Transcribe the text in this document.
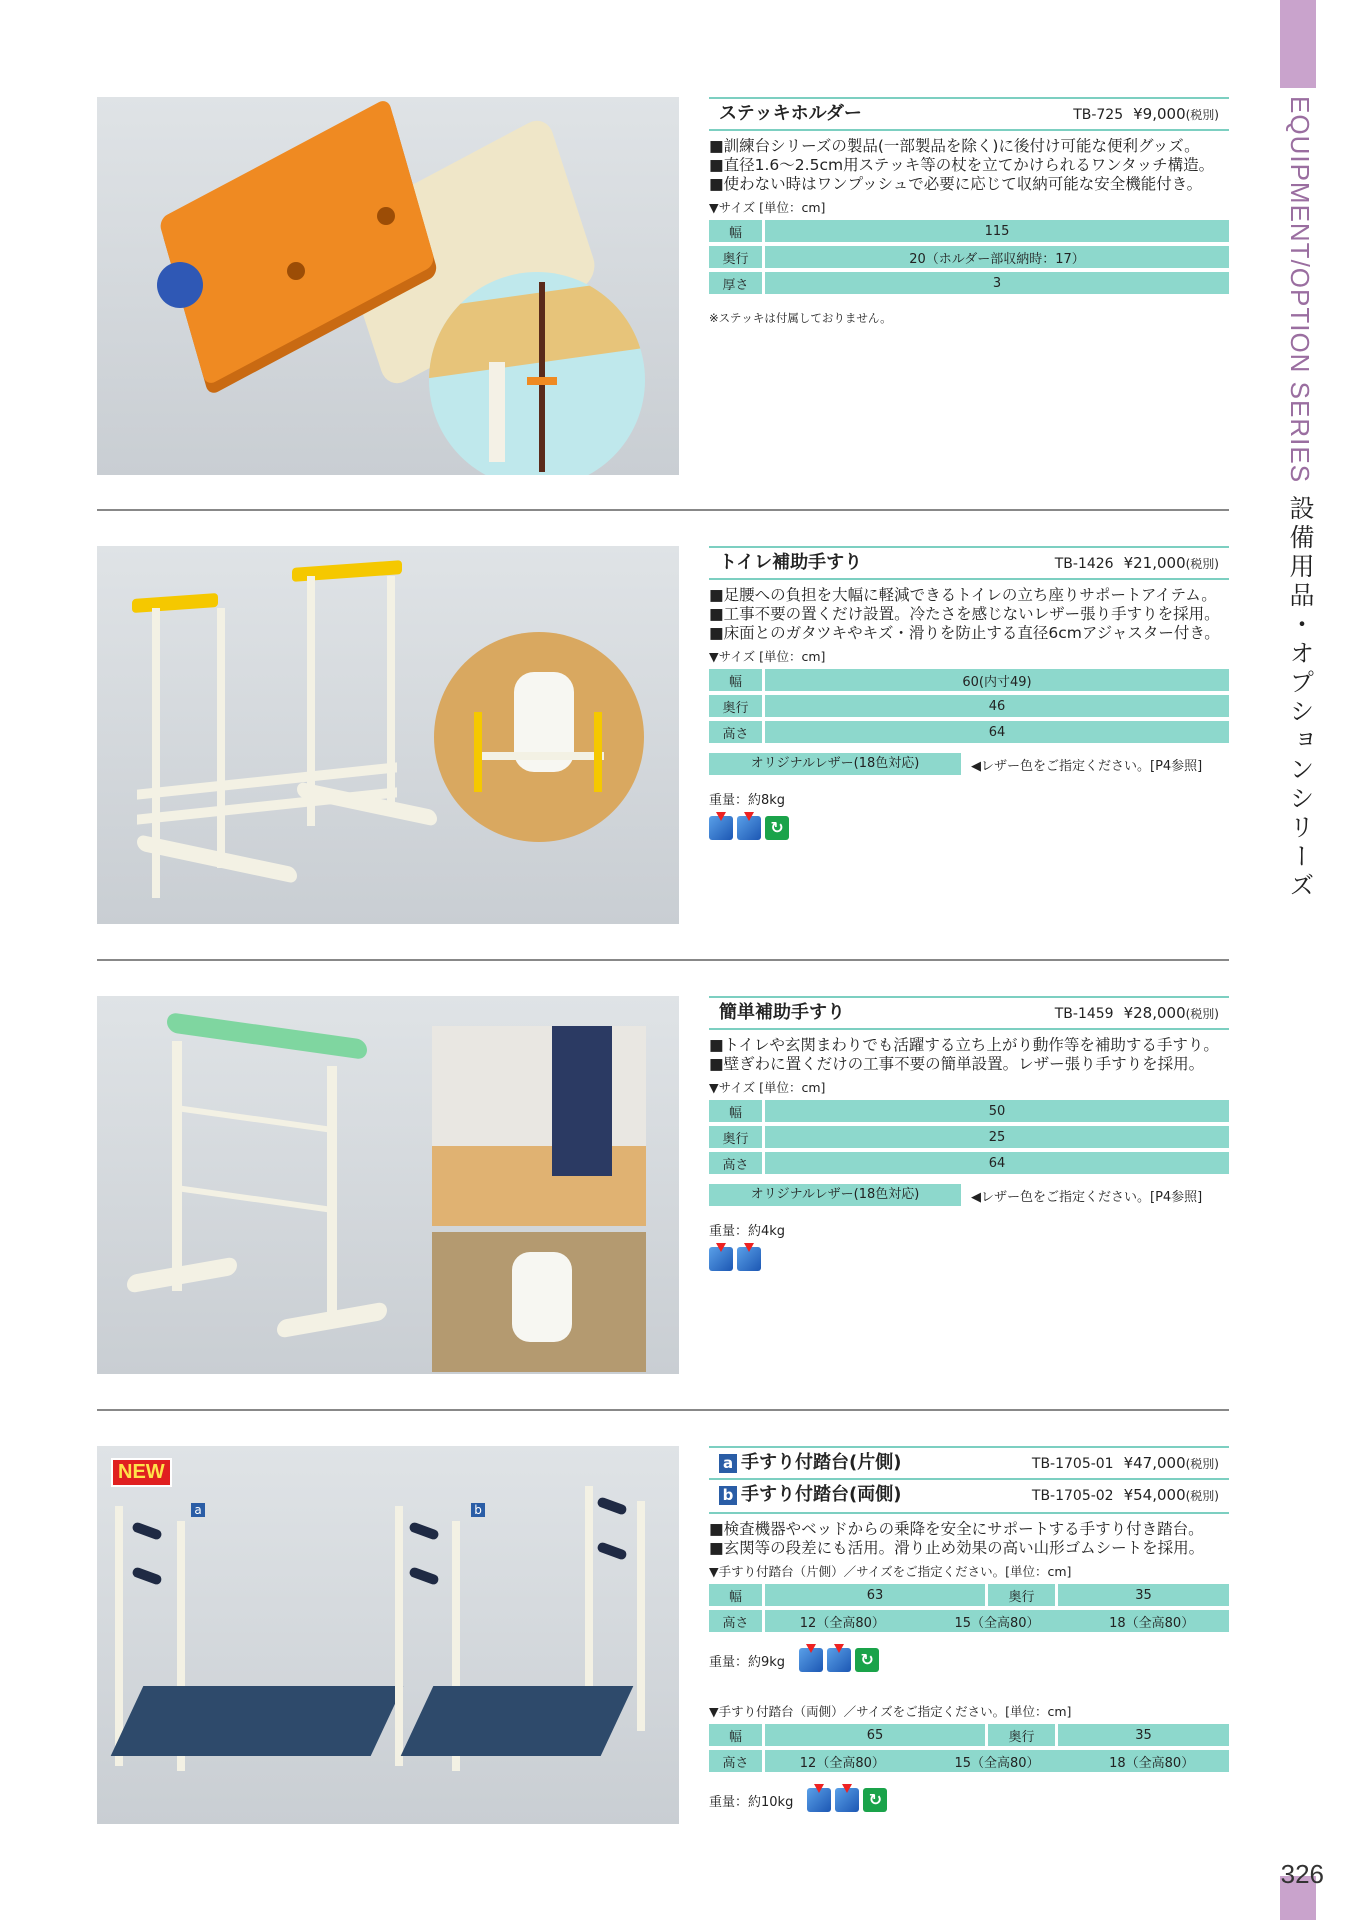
EQUIPMENT/OPTION SERIES設備用品・オプションシリーズ
326
ステッキホルダー	TB-725 ¥9,000(税別)
■訓練台シリーズの製品(一部製品を除く)に後付け可能な便利グッズ。
■直径1.6〜2.5cm用ステッキ等の杖を立てかけられるワンタッチ構造。
■使わない時はワンプッシュで必要に応じて収納可能な安全機能付き。
▼サイズ [単位：cm]
幅	115
奥行	20（ホルダー部収納時：17）
厚さ	3
※ステッキは付属しておりません。
トイレ補助手すり	TB-1426 ¥21,000(税別)
■足腰への負担を大幅に軽減できるトイレの立ち座りサポートアイテム。
■工事不要の置くだけ設置。冷たさを感じないレザー張り手すりを採用。
■床面とのガタツキやキズ・滑りを防止する直径6cmアジャスター付き。
▼サイズ [単位：cm]
幅	60(内寸49)
奥行	46
高さ	64
オリジナルレザー(18色対応)	◀レザー色をご指定ください。[P4参照]
重量：約8kg
↻
簡単補助手すり	TB-1459 ¥28,000(税別)
■トイレや玄関まわりでも活躍する立ち上がり動作等を補助する手すり。
■壁ぎわに置くだけの工事不要の簡単設置。レザー張り手すりを採用。
▼サイズ [単位：cm]
幅	50
奥行	25
高さ	64
オリジナルレザー(18色対応)	◀レザー色をご指定ください。[P4参照]
重量：約4kg
NEW
a	b
a 手すり付踏台(片側)	TB-1705-01 ¥47,000(税別)
b 手すり付踏台(両側)	TB-1705-02 ¥54,000(税別)
■検査機器やベッドからの乗降を安全にサポートする手すり付き踏台。
■玄関等の段差にも活用。滑り止め効果の高い山形ゴムシートを採用。
▼手すり付踏台（片側）／サイズをご指定ください。[単位：cm]
幅	63	奥行	35
高さ	12（全高80）	15（全高80）	18（全高80）
重量：約9kg	↻
▼手すり付踏台（両側）／サイズをご指定ください。[単位：cm]
幅	65	奥行	35
高さ	12（全高80）	15（全高80）	18（全高80）
重量：約10kg	↻
